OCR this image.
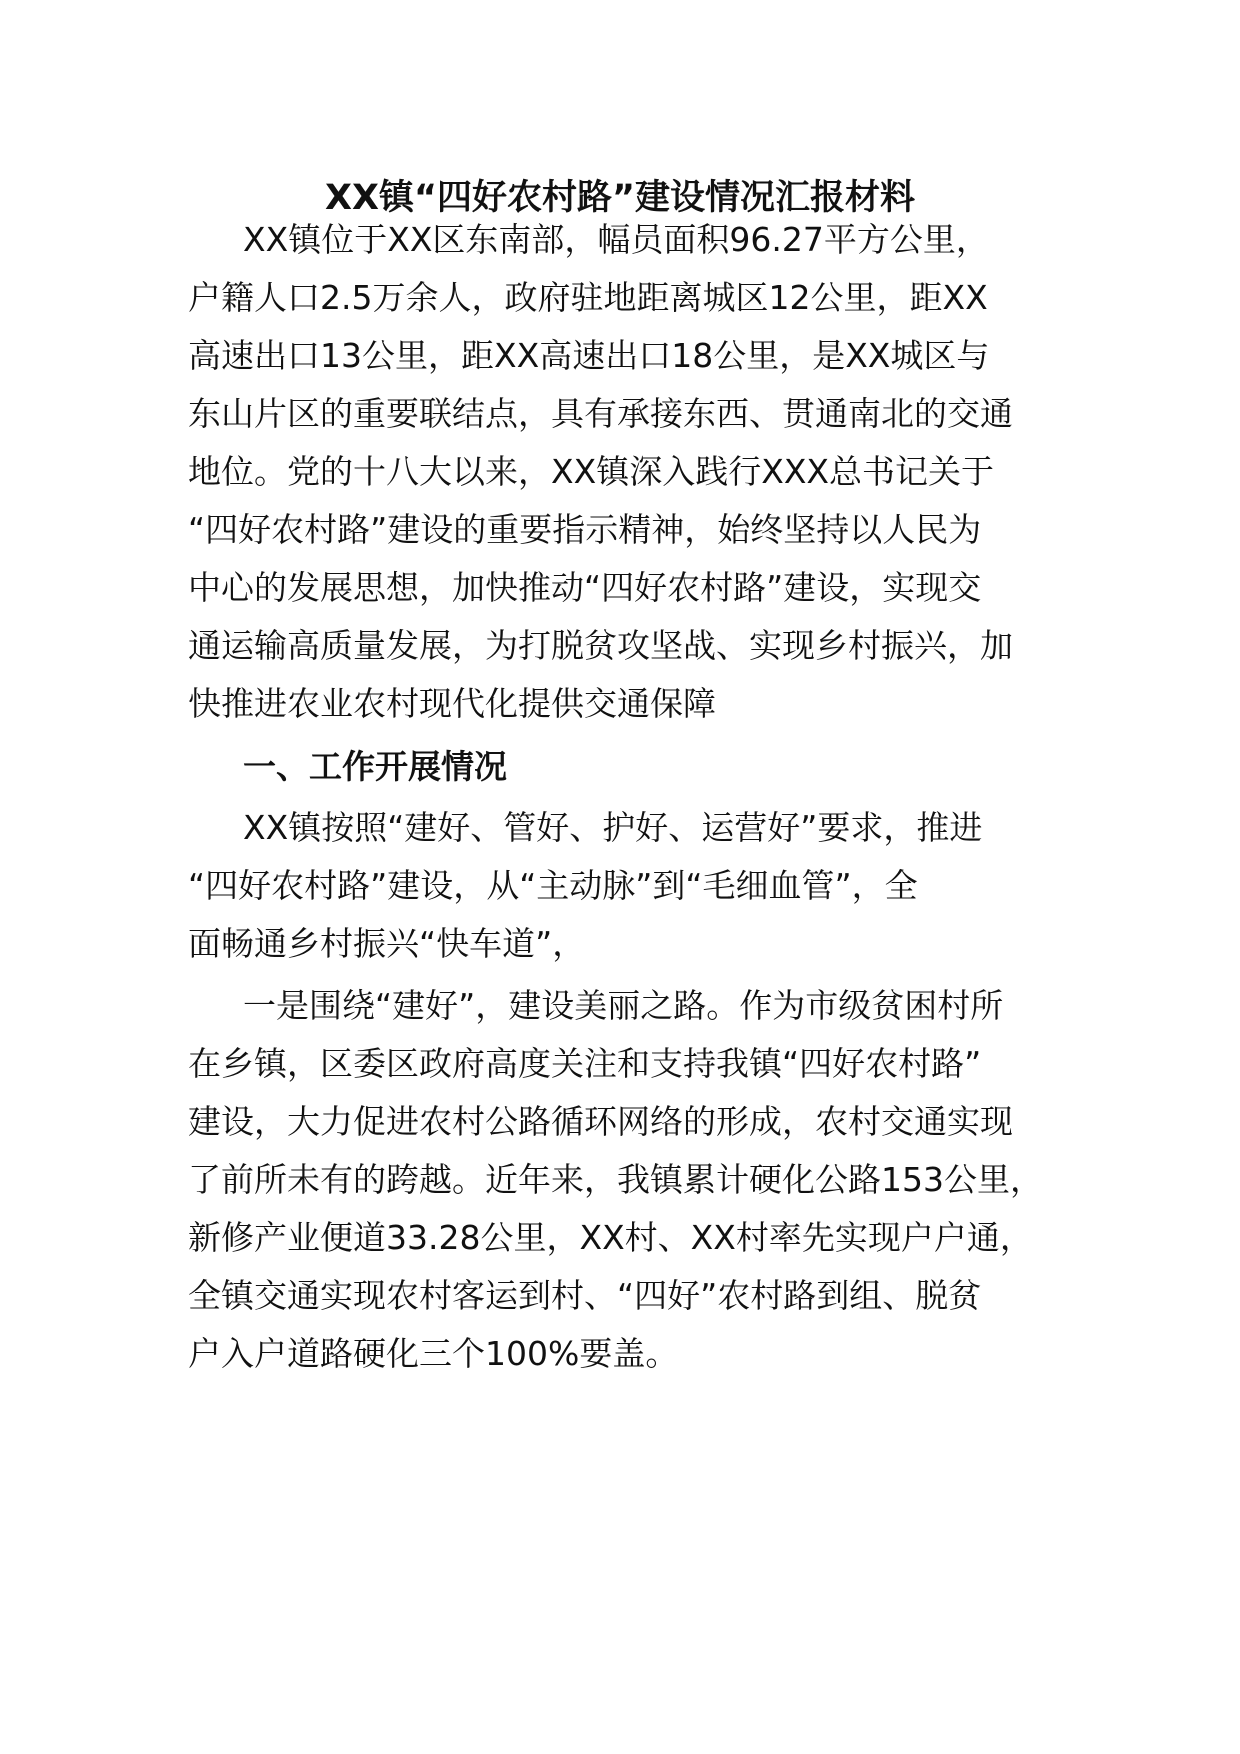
XX镇“四好农村路”建设情况汇报材料
XX镇位于XX区东南部，幅员面积96.27平方公里，
户籍人口2.5万余人，政府驻地距离城区12公里，距XX
高速出口13公里，距XX高速出口18公里，是XX城区与
东山片区的重要联结点，具有承接东西、贯通南北的交通
地位。党的十八大以来，XX镇深入践行XXX总书记关于
“四好农村路”建设的重要指示精神，始终坚持以人民为
中心的发展思想，加快推动“四好农村路”建设，实现交
通运输高质量发展，为打脱贫攻坚战、实现乡村振兴，加
快推进农业农村现代化提供交通保障
一、工作开展情况
XX镇按照“建好、管好、护好、运营好”要求，推进
“四好农村路”建设，从“主动脉”到“毛细血管”，全
面畅通乡村振兴“快车道”，
一是围绕“建好”，建设美丽之路。作为市级贫困村所
在乡镇，区委区政府高度关注和支持我镇“四好农村路”
建设，大力促进农村公路循环网络的形成，农村交通实现
了前所未有的跨越。近年来，我镇累计硬化公路153公里，
新修产业便道33.28公里，XX村、XX村率先实现户户通，
全镇交通实现农村客运到村、“四好”农村路到组、脱贫
户入户道路硬化三个100%要盖。
